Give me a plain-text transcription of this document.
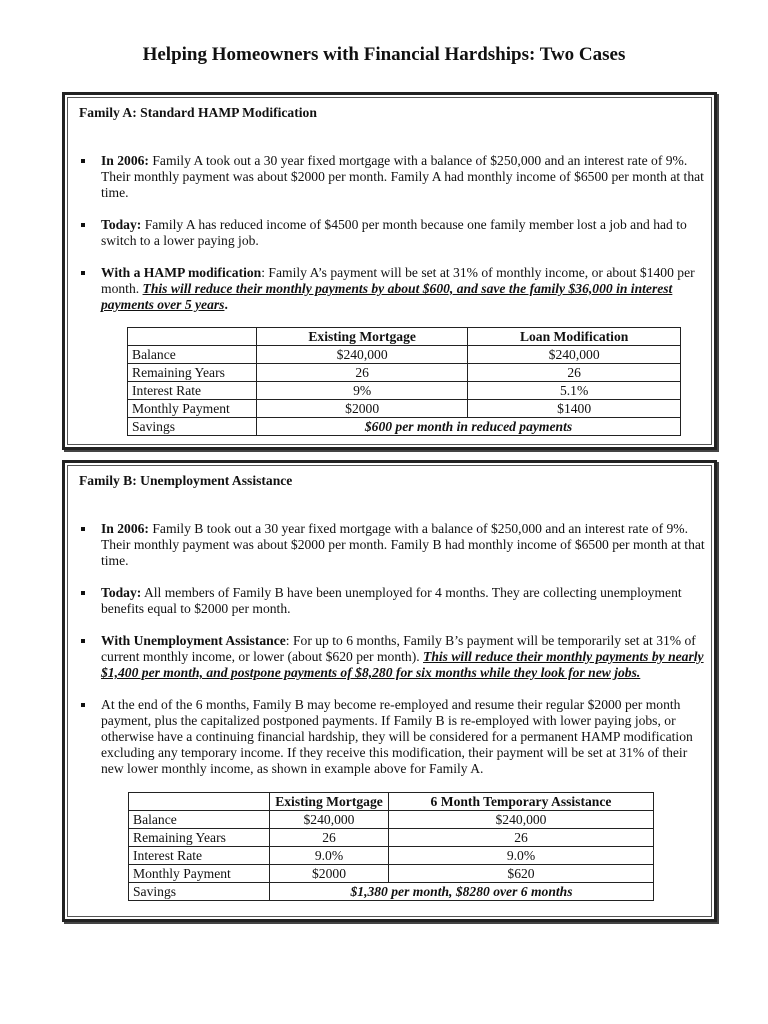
Helping Homeowners with Financial Hardships: Two Cases
Family A: Standard HAMP Modification
In 2006: Family A took out a 30 year fixed mortgage with a balance of $250,000 and an interest rate of 9%. Their monthly payment was about $2000 per month. Family A had monthly income of $6500 per month at that time.
Today: Family A has reduced income of $4500 per month because one family member lost a job and had to switch to a lower paying job.
With a HAMP modification: Family A’s payment will be set at 31% of monthly income, or about $1400 per month. This will reduce their monthly payments by about $600, and save the family $36,000 in interest payments over 5 years.
	Existing Mortgage	Loan Modification
Balance	$240,000	$240,000
Remaining Years	26	26
Interest Rate	9%	5.1%
Monthly Payment	$2000	$1400
Savings	$600 per month in reduced payments	
Family B: Unemployment Assistance
In 2006: Family B took out a 30 year fixed mortgage with a balance of $250,000 and an interest rate of 9%. Their monthly payment was about $2000 per month. Family B had monthly income of $6500 per month at that time.
Today: All members of Family B have been unemployed for 4 months. They are collecting unemployment benefits equal to $2000 per month.
With Unemployment Assistance: For up to 6 months, Family B’s payment will be temporarily set at 31% of current monthly income, or lower (about $620 per month). This will reduce their monthly payments by nearly $1,400 per month, and postpone payments of $8,280 for six months while they look for new jobs.
At the end of the 6 months, Family B may become re-employed and resume their regular $2000 per month payment, plus the capitalized postponed payments. If Family B is re-employed with lower paying jobs, or otherwise have a continuing financial hardship, they will be considered for a permanent HAMP modification excluding any temporary income. If they receive this modification, their payment will be set at 31% of their new lower monthly income, as shown in example above for Family A.
	Existing Mortgage	6 Month Temporary Assistance
Balance	$240,000	$240,000
Remaining Years	26	26
Interest Rate	9.0%	9.0%
Monthly Payment	$2000	$620
Savings	$1,380 per month, $8280 over 6 months	
